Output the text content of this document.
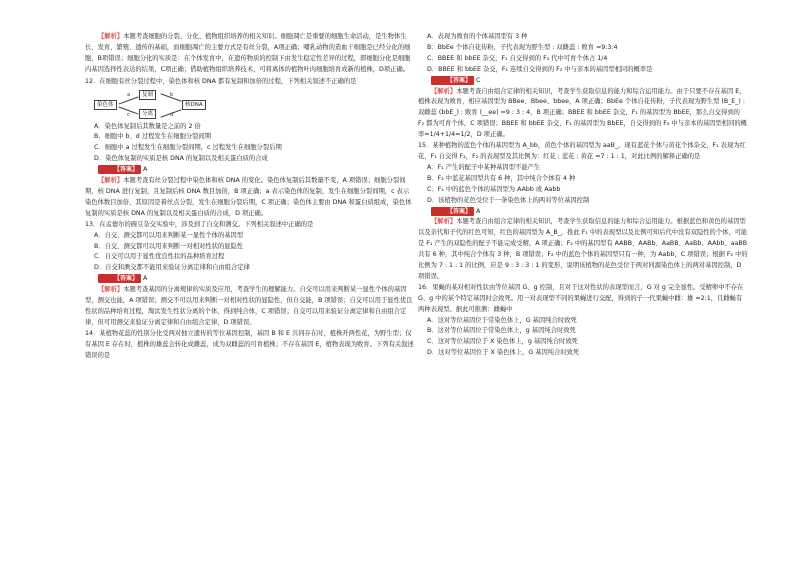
【解析】本题考查细胞的分裂、分化、植物组织培养的相关知识。细胞凋亡是重要的细胞生命活动，是生物体生长、发育、繁殖、遗传的基础，而细胞凋亡的主要方式是有丝分裂，A项正确；哺乳动物的造血干细胞是已经分化的细胞，B项错误；细胞分化的实质是：在个体发育中，在遗传物质的控制下由发生稳定性差异的过程，即细胞分化是细胞内基因选择性表达的结果，C项正确；借助植物组织培养技术，可将离体的植物叶肉细胞培育成新的植株，D项正确。

12．在细胞有丝分裂过程中，染色体和核 DNA 都有复制和加倍的过程，下列相关叙述不正确的是

染色体
复制
分离
核DNA
a
c
b
d

A．染色体复制后其数量是之前的 2 倍

B．细胞中 b、d 过程发生在细胞分裂间期

C．细胞中 a 过程发生在细胞分裂间期，c 过程发生在细胞分裂后期

D．染色体复制的实质是核 DNA 的复制以及相关蛋白质的合成

【答案】 A

【解析】本题考查有丝分裂过程中染色体和核 DNA 的变化。染色体复制后其数量不变，A 项错误；细胞分裂间期，核 DNA 进行复制，且复制后核 DNA 数目加倍，B 项正确；a 表示染色体的复制，发生在细胞分裂间期，c 表示染色体数目加倍，其原因是着丝点分裂，发生在细胞分裂后期，C 项正确；染色体主要由 DNA 和蛋白质组成，染色体复制的实质是核 DNA 的复制以及相关蛋白质的合成，D 项正确。

13．在孟德尔的碗豆杂交实验中，涉及到了自交和测交。下列相关叙述中正确的是

A．自交、测交都可以用来判断某一显性个体的基因型

B．自交、测交都可以用来判断一对相对性状的显隐性

C．自交可以用于显性优良性状的品种培育过程

D．自交和测交都不能用来验证分离定律和自由组合定律

【答案】 A

【解析】本题考查基因的分离规律的实质及应用，考查学生的理解能力。自交可以用来判断某一显性个体的基因型，测交也能，A 项错误；测交不可以用来判断一对相对性状的显隐性，但自交能，B 项错误；自交可以用于显性优良性状的品种培育过程，淘汰发生性状分离的个体，得到纯合体，C 项错误；自交可以用来验证分离定律和自由组合定律，但可用测交来验证分离定律和自由组合定律，D 项错误。

14．某植物花蕊的性别分化受两对独立遗传的等位基因控制，基因 B 和 E 共同存在时，植株开两性花，为野生型；仅有基因 E 存在时，植株的雄蕊会转化成雌蕊，成为双雌蕊的可育植株；不存在基因 E，植物表现为败育。下列有关叙述错误的是

A．表现为败育的个体基因型有 3 种

B．BbEe 个体自花传粉，子代表现为野生型 : 双雌蕊 : 败育 =9:3:4

C．BBEE 和 bbEE 杂交，F₁ 自交得到的 F₂ 代中可育个体占 1/4

D．BBEE 和 bbEE 杂交，F₁ 连续自交得到的 F₂ 中与亲本的基因型相同的概率是

【答案】 C

【解析】本题考查自由组合定律的相关知识，考查学生获取信息的能力和综合运用能力。由于只要不存在基因 E，植株表现为败育，相应基因型为 BBee、Bbee、bbee，A 项正确；BbEe 个体自花传粉，子代表现为野生型 (B_E_) : 双雌蕊 (bbE_) : 败育 (__ee) =9 : 3 : 4，B 项正确；BBEE 和 bbEE 杂交，F₁ 的基因型为 BbEE，那么自交得到的 F₂ 都为可育个体，C 项错误；BBEE 和 bbEE 杂交，F₁ 的基因型为 BbEE，自交得到的 F₂ 中与亲本的基因型相同的概率=1/4+1/4=1/2，D 项正确。

15．某种植物的蓝色个体的基因型为 A_bb，黄色个体的基因型为 aaB_，现有蓝花个体与黄花个体杂交，F₁ 表现为红花，F₁ 自交得 F₂，F₂ 的表现型及其比例为：红花 : 蓝花 : 黄花 =7 : 1 : 1，对此比例的解释正确的是

A．F₁ 产生的配子中某种基因型不能产生

B．F₂ 中蓝花基因型共有 6 种，其中纯合个体有 4 种

C．F₂ 中的蓝色个体的基因型为 AAbb 或 Aabb

D．该植物的花色受位于一条染色体上的两对等位基因控制

【答案】 A

【解析】本题考查自由组合定律的相关知识，考查学生获取信息的能力和综合运用能力。根据蓝色和黄色的基因型以及亲代和子代的红色可知，红色的基因型为 A_B_，推此 F₁ 中的表现型以及比例可知后代中没有双隐性的个体，可能是 F₁ 产生的双隐性的配子不能完成受精，A 项正确；F₂ 中的基因型有 AABB、AABb、AaBB、AaBb、AAbb、aaBB 共有 6 种，其中纯合个体有 3 种，B 项错误；F₂ 中的蓝色个体的基因型只有一种，为 Aabb，C 项错误；根据 F₂ 中的比例为 7 : 1 : 1 的比例，应是 9 : 3 : 3 : 1 的变形，说明该植物的花色受位于两对同源染色体上的两对基因控制，D 项错误。

16．果蝇的某对相对性状由等位基因 G、g 控制，且对于这对性状的表现型而言，G 对 g 完全显性。受精卵中不存在 G、g 中的某个特定基因时会致死。用一对表现型不同的果蝇进行交配，得到的子一代果蝇中雌：雄 =2:1，且雌蝇有两种表现型。据此可推测：雌蝇中

A．这对等位基因位于常染色体上，G 基因纯合时致死

B．这对等位基因位于常染色体上，g 基因纯合时致死

C．这对等位基因位于 X 染色体上，g 基因纯合时致死

D．这对等位基因位于 X 染色体上，G 基因纯合时致死
